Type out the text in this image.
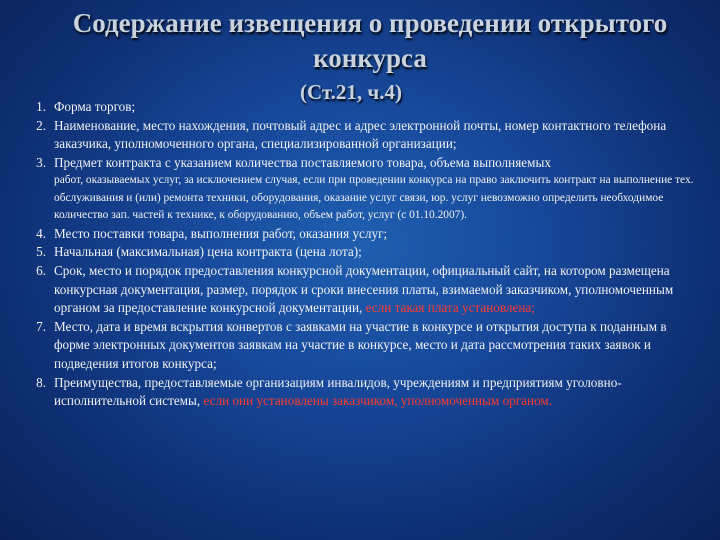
Содержание извещения о проведении открытого конкурса
(Ст.21, ч.4)
1. Форма торгов;
2. Наименование, место нахождения, почтовый адрес и адрес электронной почты, номер контактного телефона заказчика, уполномоченного органа, специализированной организации;
3. Предмет контракта с указанием количества поставляемого товара, объема выполняемых
работ, оказываемых услуг, за исключением случая, если при проведении конкурса на право заключить контракт на выполнение тех. обслуживания и (или) ремонта техники, оборудования, оказание услуг связи, юр. услуг невозможно определить необходимое количество зап. частей к технике, к оборудованию, объем работ, услуг (с 01.10.2007).
4. Место поставки товара, выполнения работ, оказания услуг;
5. Начальная (максимальная) цена контракта (цена лота);
6. Срок, место и порядок предоставления конкурсной документации, официальный сайт, на котором размещена конкурсная документация, размер, порядок и сроки внесения платы, взимаемой заказчиком, уполномоченным органом за предоставление конкурсной документации, если такая плата установлена;
7. Место, дата и время вскрытия конвертов с заявками на участие в конкурсе и открытия доступа к поданным в форме электронных документов заявкам на участие в конкурсе, место и дата рассмотрения таких заявок и подведения итогов конкурса;
8. Преимущества, предоставляемые организациям инвалидов, учреждениям и предприятиям уголовно-исполнительной системы, если они установлены заказчиком, уполномоченным органом.
